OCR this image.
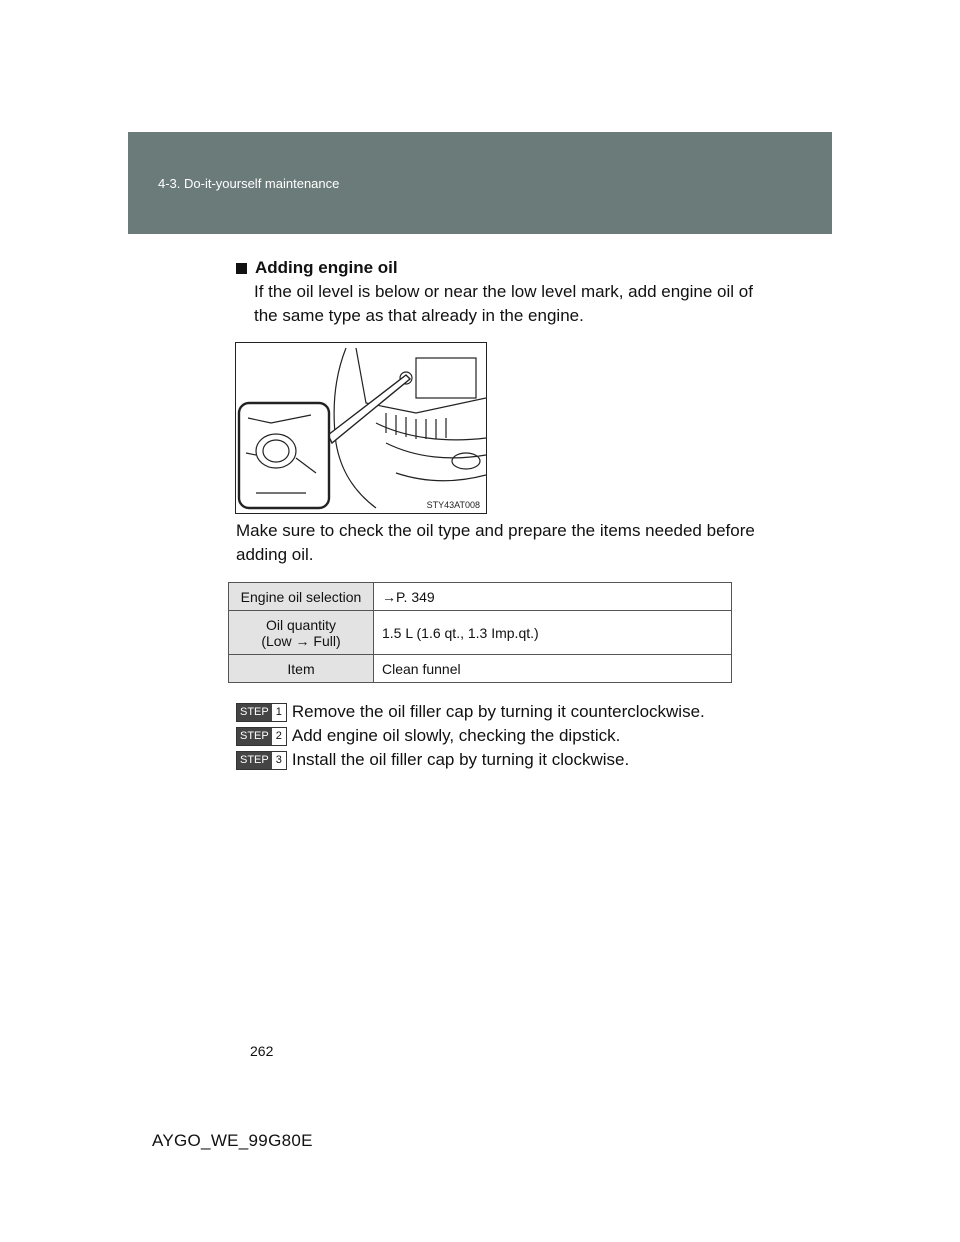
4-3. Do-it-yourself maintenance
Adding engine oil
If the oil level is below or near the low level mark, add engine oil of the same type as that already in the engine.
STY43AT008
Make sure to check the oil type and prepare the items needed before adding oil.
Engine oil selection	→P. 349

Oil quantity
(Low → Full)	1.5 L (1.6 qt., 1.3 Imp.qt.)
Item	Clean funnel
STEP 1 Remove the oil filler cap by turning it counterclockwise.
STEP 2 Add engine oil slowly, checking the dipstick.
STEP 3 Install the oil filler cap by turning it clockwise.
262
AYGO_WE_99G80E
